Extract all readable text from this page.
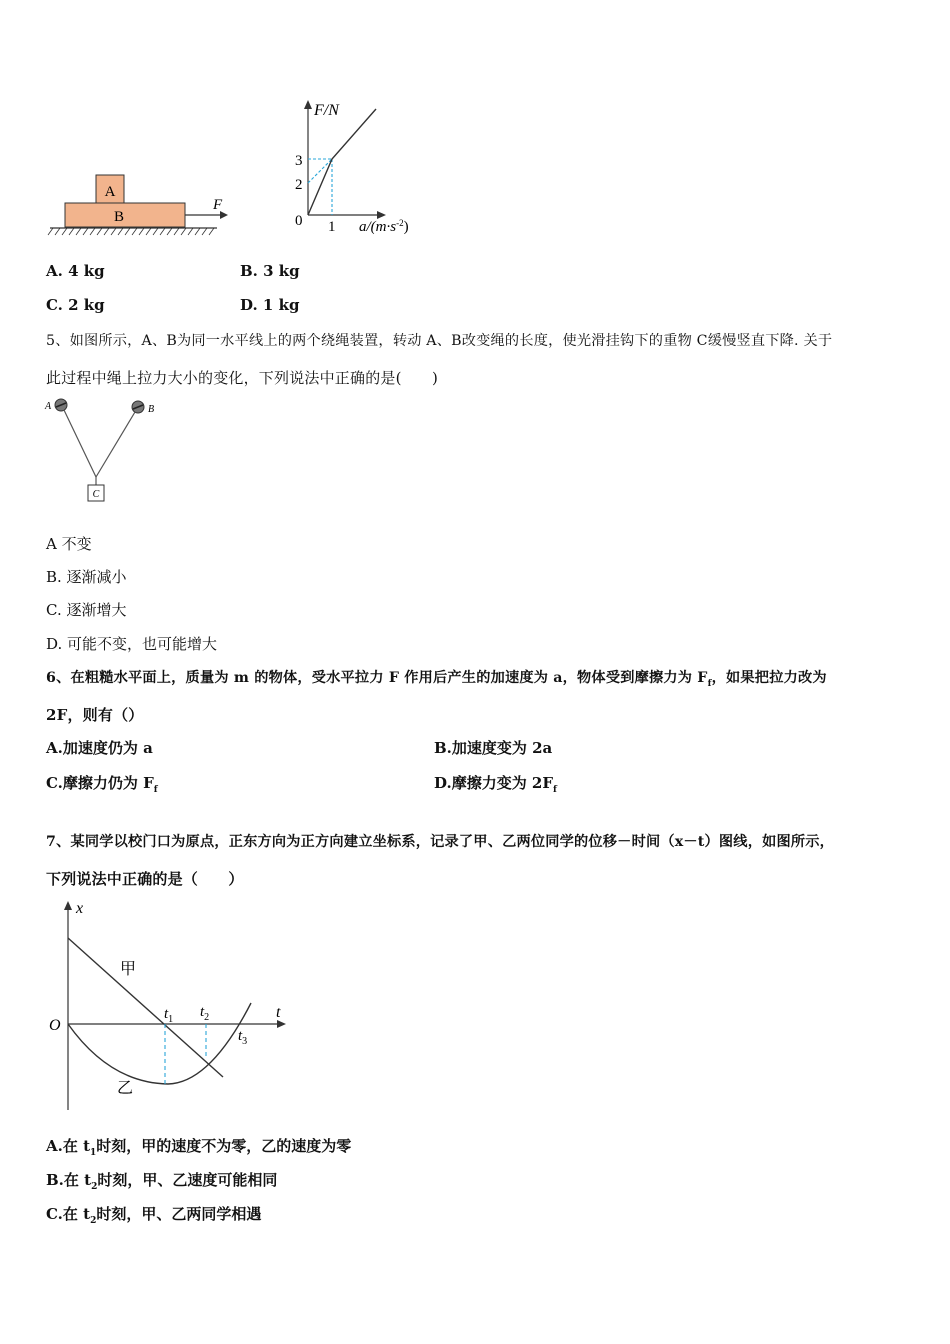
A
B
F
F/N
$a/(m\cdot s^{-2})$
3
2
0 1
A. 4 kg	B. 3 kg
C. 2 kg	D. 1 kg
5、如图所示，A、B为同一水平线上的两个绕绳装置，转动 A、B改变绳的长度，使光滑挂钩下的重物 C缓慢竖直下降. 关于
此过程中绳上拉力大小的变化，下列说法中正确的是(　　)
A	B
C
A 不变
B. 逐渐减小
C. 逐渐增大
D. 可能不变，也可能增大
6、在粗糙水平面上，质量为 m 的物体，受水平拉力 F 作用后产生的加速度为 a，物体受到摩擦力为 $F_f$，如果把拉力改为
2F，则有（）
A.加速度仍为 a	B.加速度变为 2a
C.摩擦力仍为 $F_f$	D.摩擦力变为 $2F_f$
7、某同学以校门口为原点，正东方向为正方向建立坐标系，记录了甲、乙两位同学的位移－时间（x－t）图线，如图所示，
下列说法中正确的是（　　）
x
t
O
甲
乙
$t_1$ $t_2$
$t_3$
A.在 $t_1$时刻，甲的速度不为零，乙的速度为零
B.在 $t_2$时刻，甲、乙速度可能相同
C.在 $t_2$时刻，甲、乙两同学相遇
